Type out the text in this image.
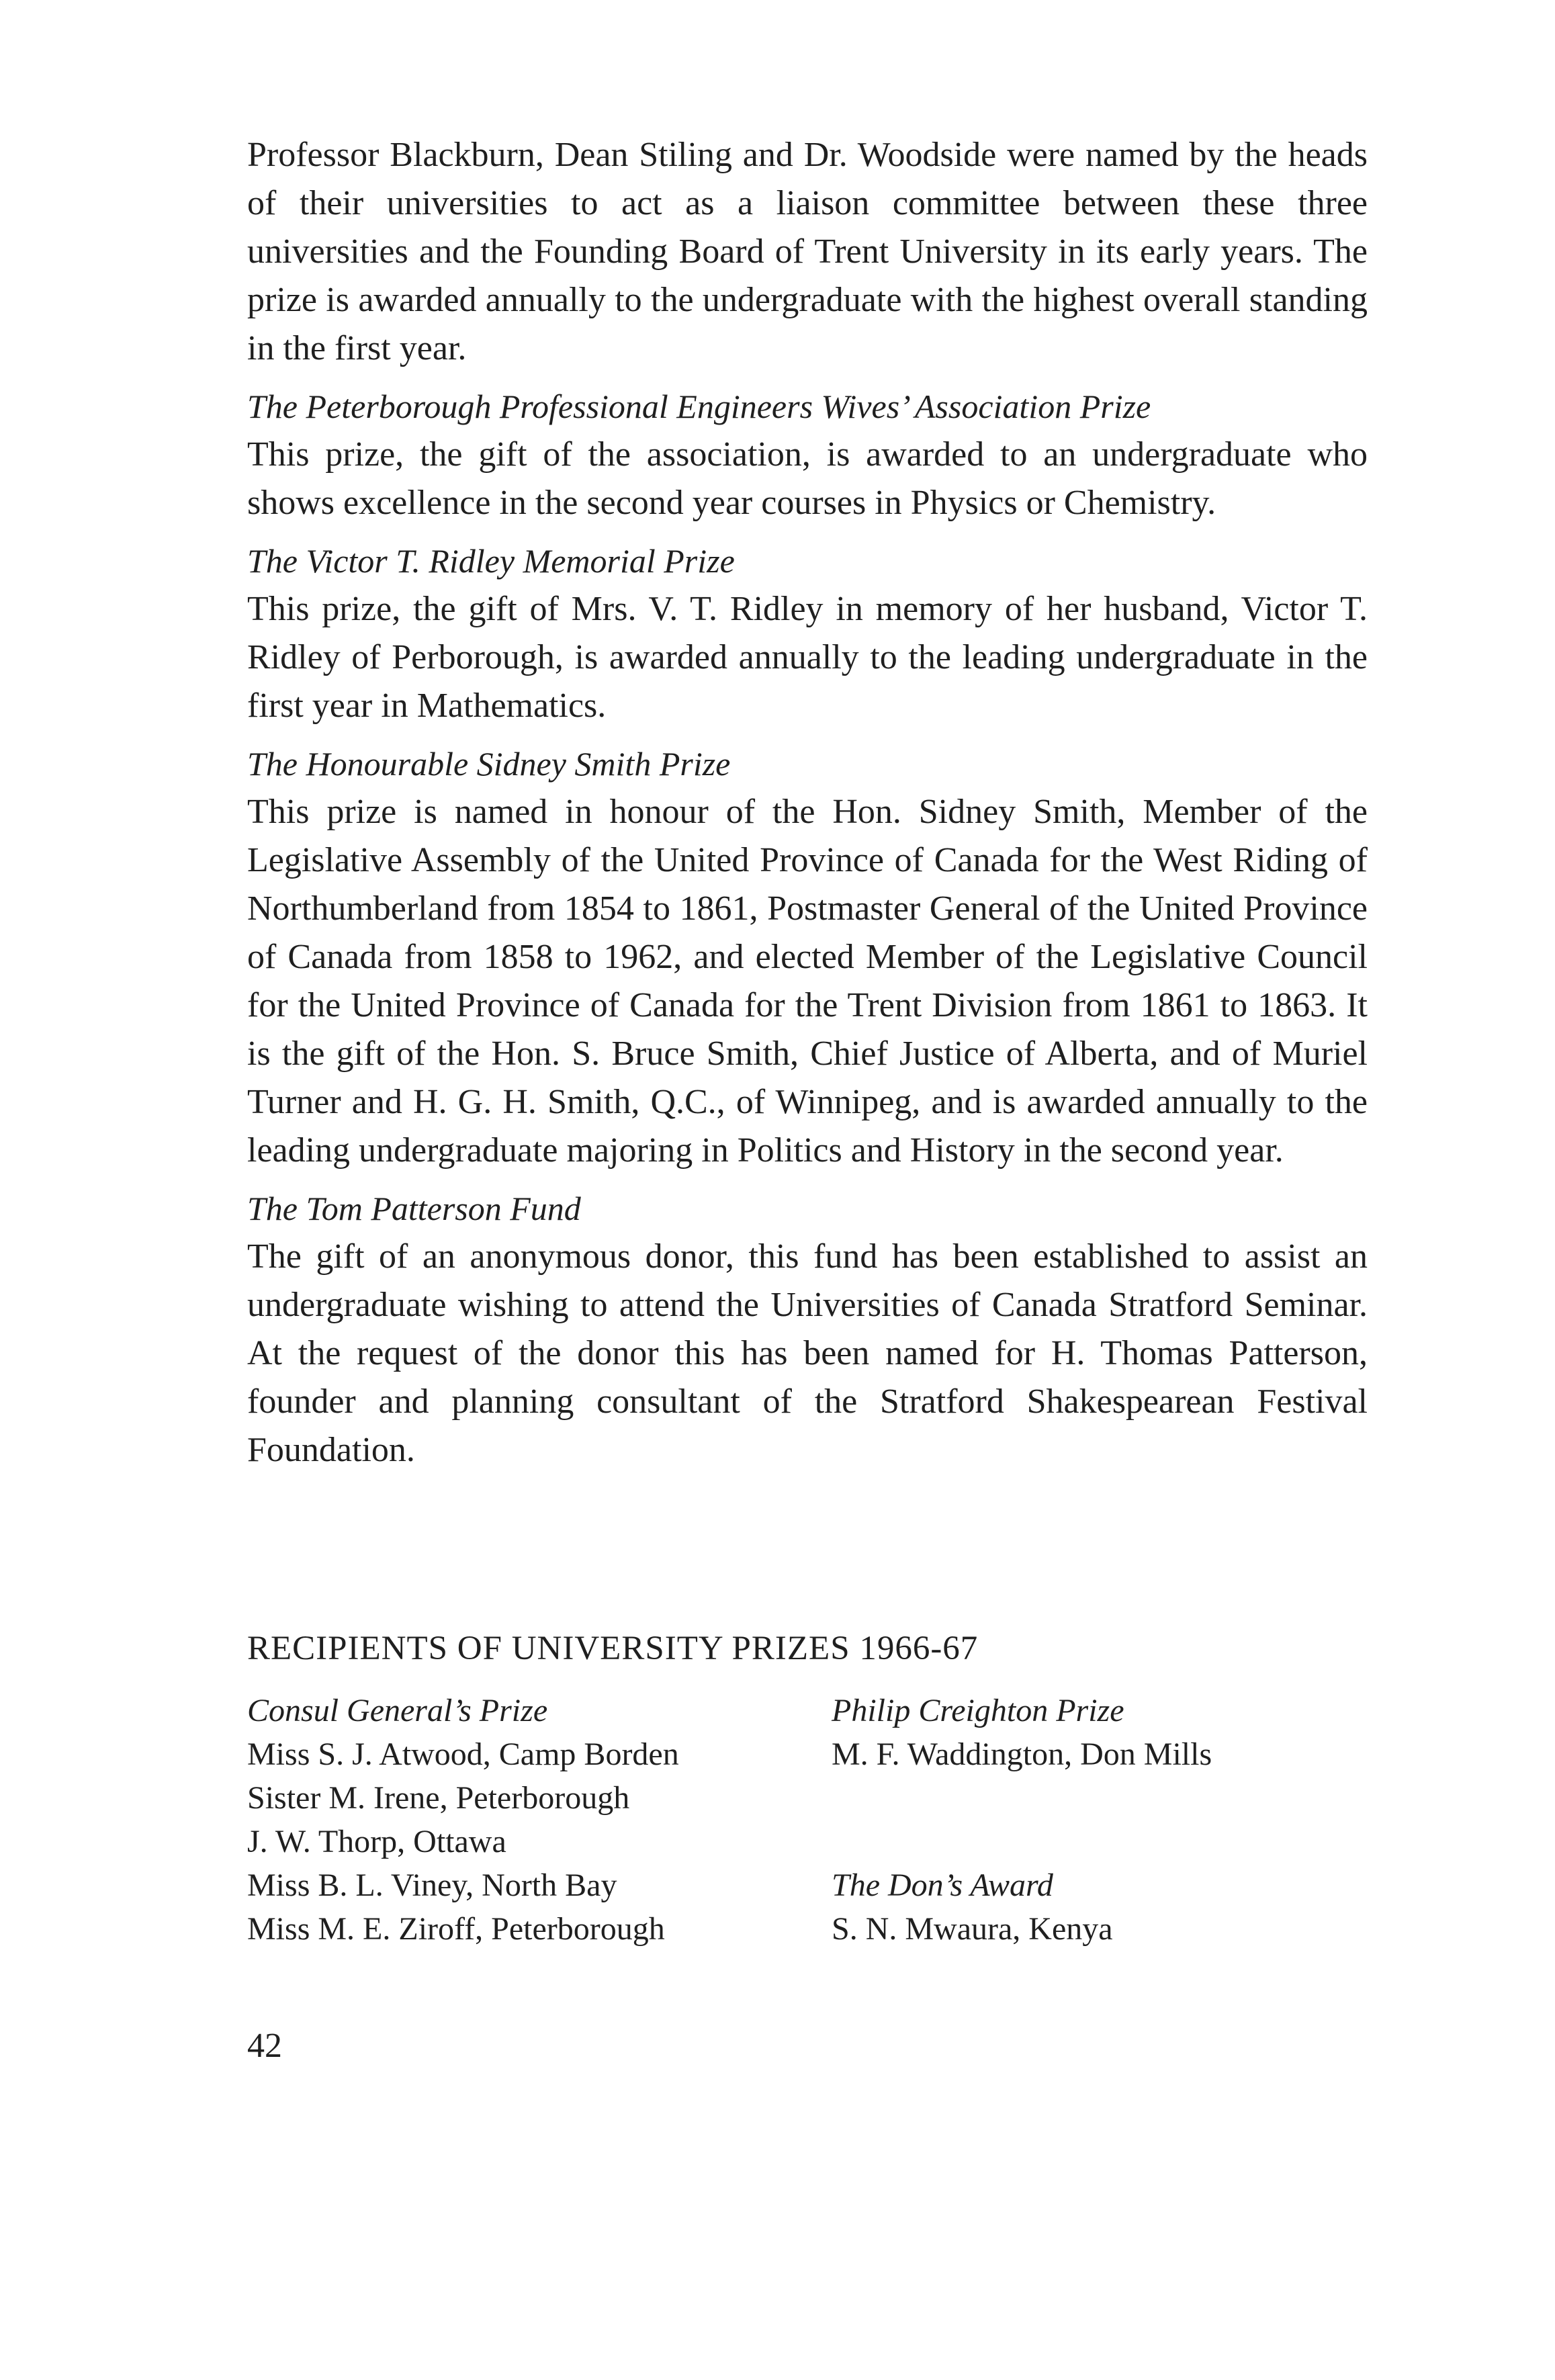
Professor Blackburn, Dean Stiling and Dr. Woodside were named by the heads of their universities to act as a liaison committee between these three universities and the Founding Board of Trent University in its early years. The prize is awarded annually to the undergraduate with the highest overall standing in the first year.

The Peterborough Professional Engineers Wives’ Association Prize

This prize, the gift of the association, is awarded to an undergraduate who shows excellence in the second year courses in Physics or Chemistry.

The Victor T. Ridley Memorial Prize

This prize, the gift of Mrs. V. T. Ridley in memory of her husband, Victor T. Ridley of Perborough, is awarded annually to the leading undergraduate in the first year in Mathematics.

The Honourable Sidney Smith Prize

This prize is named in honour of the Hon. Sidney Smith, Member of the Legislative Assembly of the United Province of Canada for the West Riding of Northumberland from 1854 to 1861, Postmaster General of the United Province of Canada from 1858 to 1962, and elected Member of the Legislative Council for the United Province of Canada for the Trent Division from 1861 to 1863. It is the gift of the Hon. S. Bruce Smith, Chief Justice of Alberta, and of Muriel Turner and H. G. H. Smith, Q.C., of Winnipeg, and is awarded annually to the leading undergraduate majoring in Politics and History in the second year.

The Tom Patterson Fund

The gift of an anonymous donor, this fund has been established to assist an undergraduate wishing to attend the Universities of Canada Stratford Seminar. At the request of the donor this has been named for H. Thomas Patterson, founder and planning consultant of the Stratford Shakespearean Festival Foundation.

RECIPIENTS OF UNIVERSITY PRIZES 1966-67
Consul General’s Prize
Miss S. J. Atwood, Camp Borden
Sister M. Irene, Peterborough
J. W. Thorp, Ottawa
Miss B. L. Viney, North Bay
Miss M. E. Ziroff, Peterborough
Philip Creighton Prize
M. F. Waddington, Don Mills
The Don’s Award
S. N. Mwaura, Kenya
42
